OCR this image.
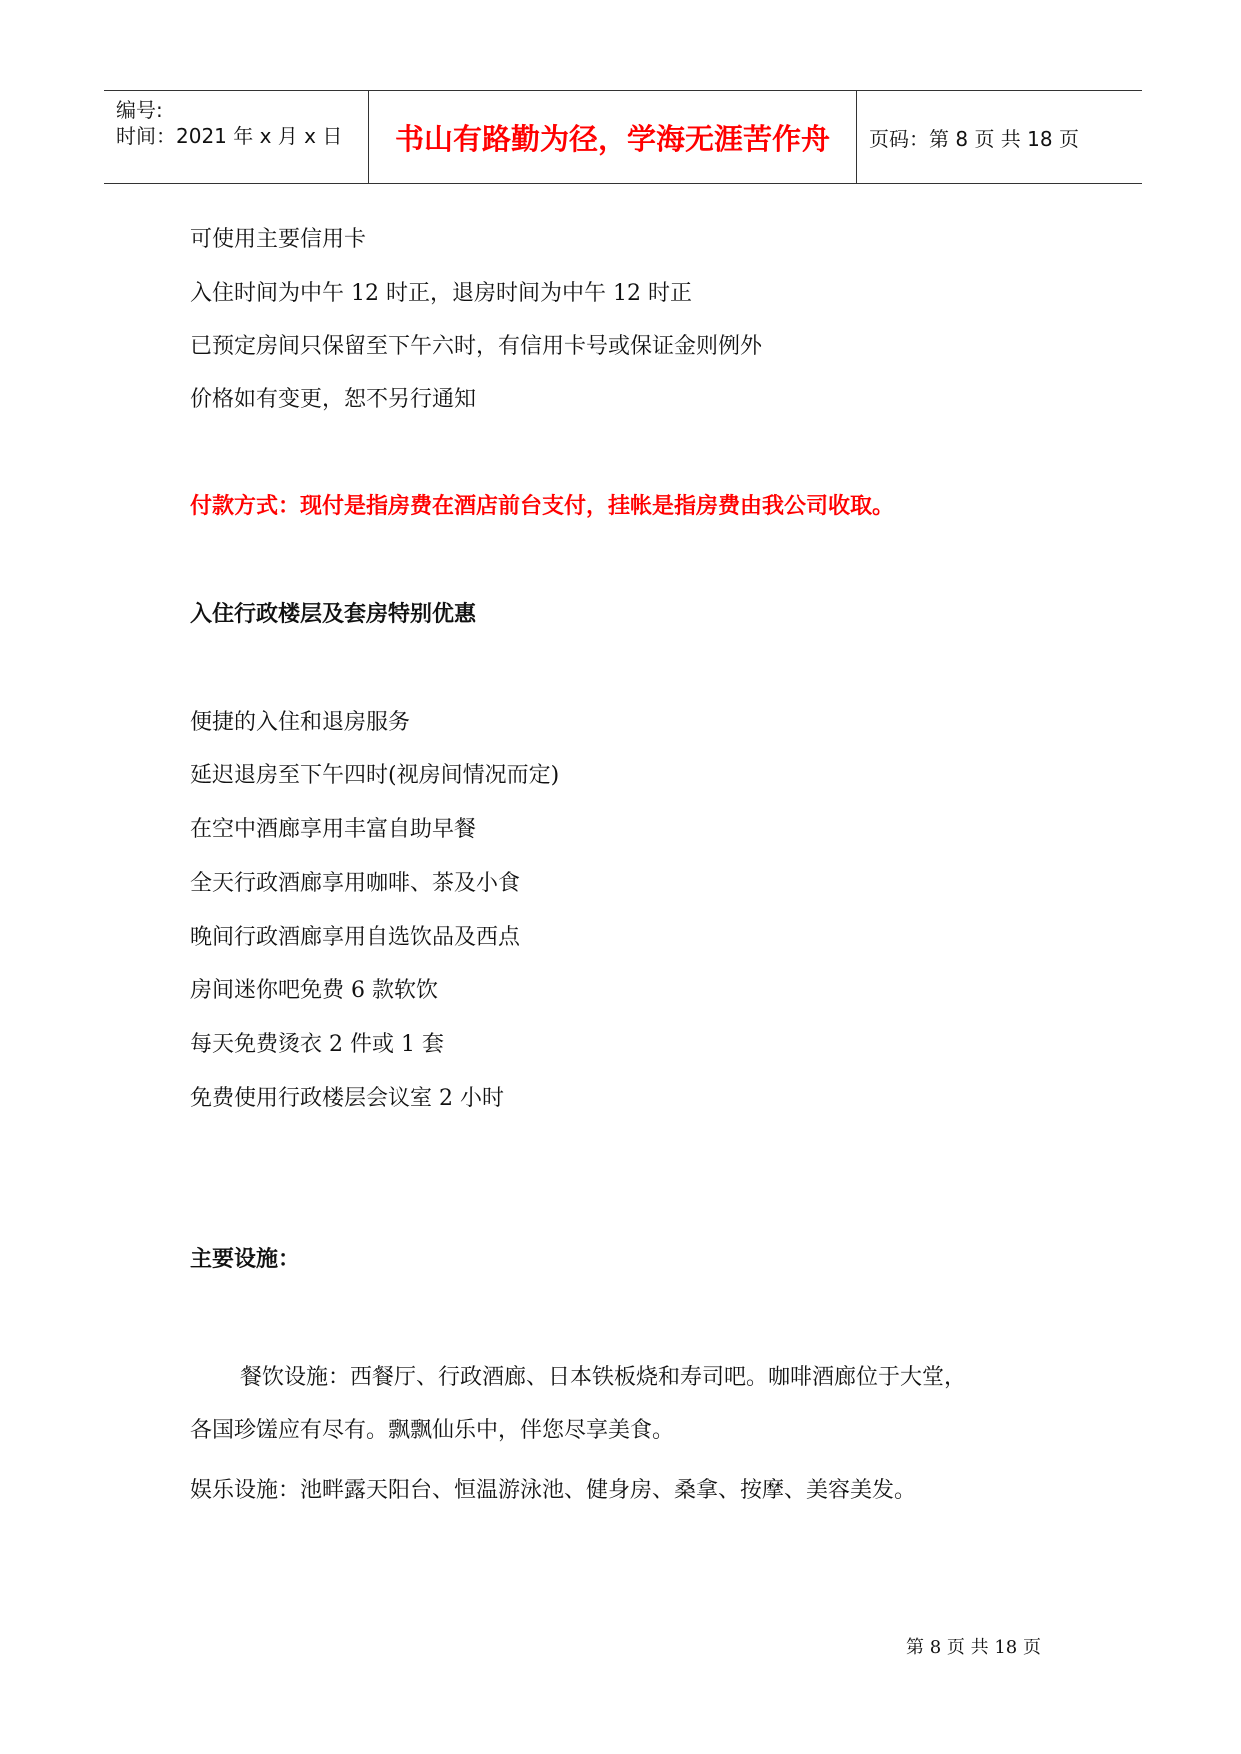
编号:
时间：2021 年 x 月 x 日	书山有路勤为径，学海无涯苦作舟	页码：第 8 页 共 18 页
可使用主要信用卡
入住时间为中午 12 时正，退房时间为中午 12 时正
已预定房间只保留至下午六时，有信用卡号或保证金则例外
价格如有变更，恕不另行通知
付款方式：现付是指房费在酒店前台支付，挂帐是指房费由我公司收取。
入住行政楼层及套房特别优惠
便捷的入住和退房服务
延迟退房至下午四时(视房间情况而定)
在空中酒廊享用丰富自助早餐
全天行政酒廊享用咖啡、茶及小食
晚间行政酒廊享用自选饮品及西点
房间迷你吧免费 6 款软饮
每天免费烫衣 2 件或 1 套
免费使用行政楼层会议室 2 小时
主要设施：
餐饮设施：西餐厅、行政酒廊、日本铁板烧和寿司吧。咖啡酒廊位于大堂，
各国珍馐应有尽有。飘飘仙乐中，伴您尽享美食。
娱乐设施：池畔露天阳台、恒温游泳池、健身房、桑拿、按摩、美容美发。
第 8 页 共 18 页
